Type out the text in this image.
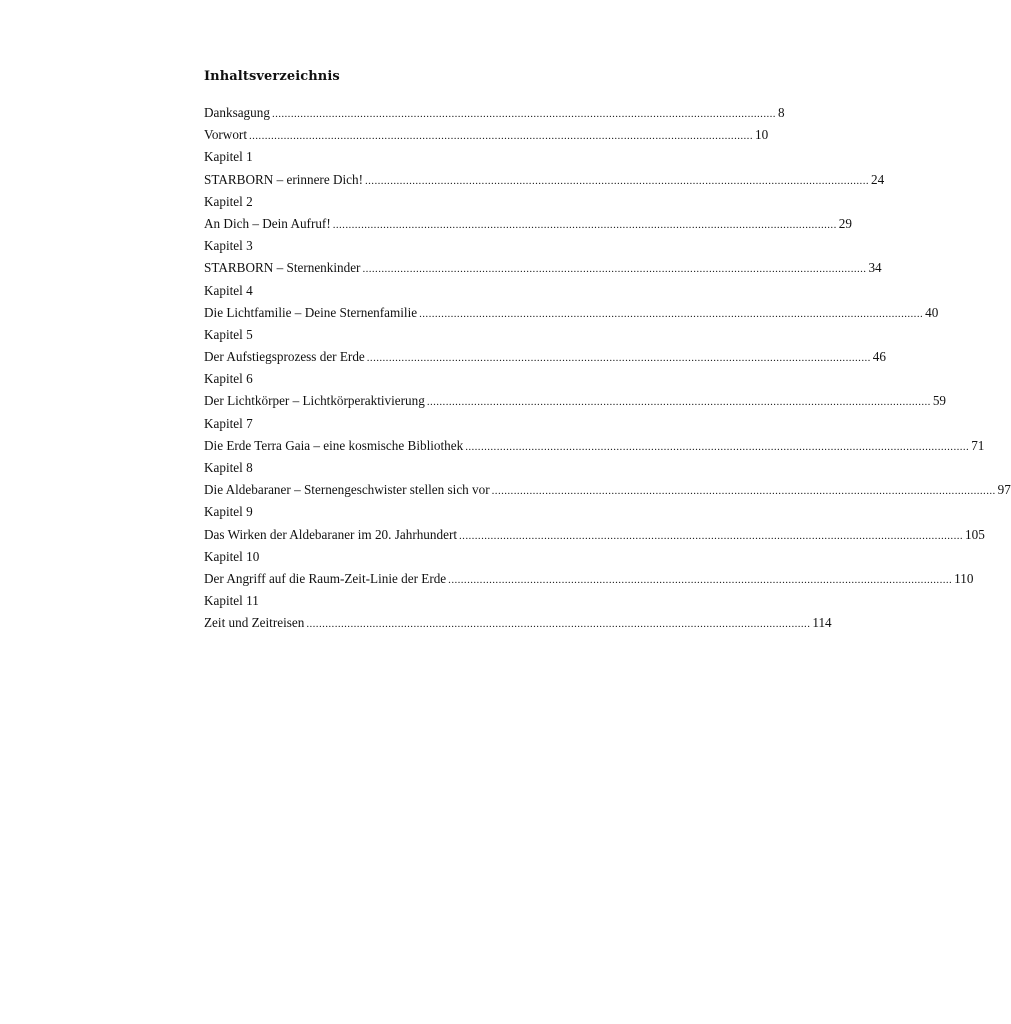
Inhaltsverzeichnis
Danksagung ................................................................................................................................................................ 8
Vorwort ................................................................................................................................................................ 10
Kapitel 1
STARBORN – erinnere Dich! ................................................................................................................................................................ 24
Kapitel 2
An Dich – Dein Aufruf! ................................................................................................................................................................ 29
Kapitel 3
STARBORN – Sternenkinder ................................................................................................................................................................ 34
Kapitel 4
Die Lichtfamilie – Deine Sternenfamilie ................................................................................................................................................................ 40
Kapitel 5
Der Aufstiegsprozess der Erde ................................................................................................................................................................ 46
Kapitel 6
Der Lichtkörper – Lichtkörperaktivierung ................................................................................................................................................................ 59
Kapitel 7
Die Erde Terra Gaia – eine kosmische Bibliothek ................................................................................................................................................................ 71
Kapitel 8
Die Aldebaraner – Sternengeschwister stellen sich vor ................................................................................................................................................................ 97
Kapitel 9
Das Wirken der Aldebaraner im 20. Jahrhundert ................................................................................................................................................................ 105
Kapitel 10
Der Angriff auf die Raum-Zeit-Linie der Erde ................................................................................................................................................................ 110
Kapitel 11
Zeit und Zeitreisen ................................................................................................................................................................ 114
